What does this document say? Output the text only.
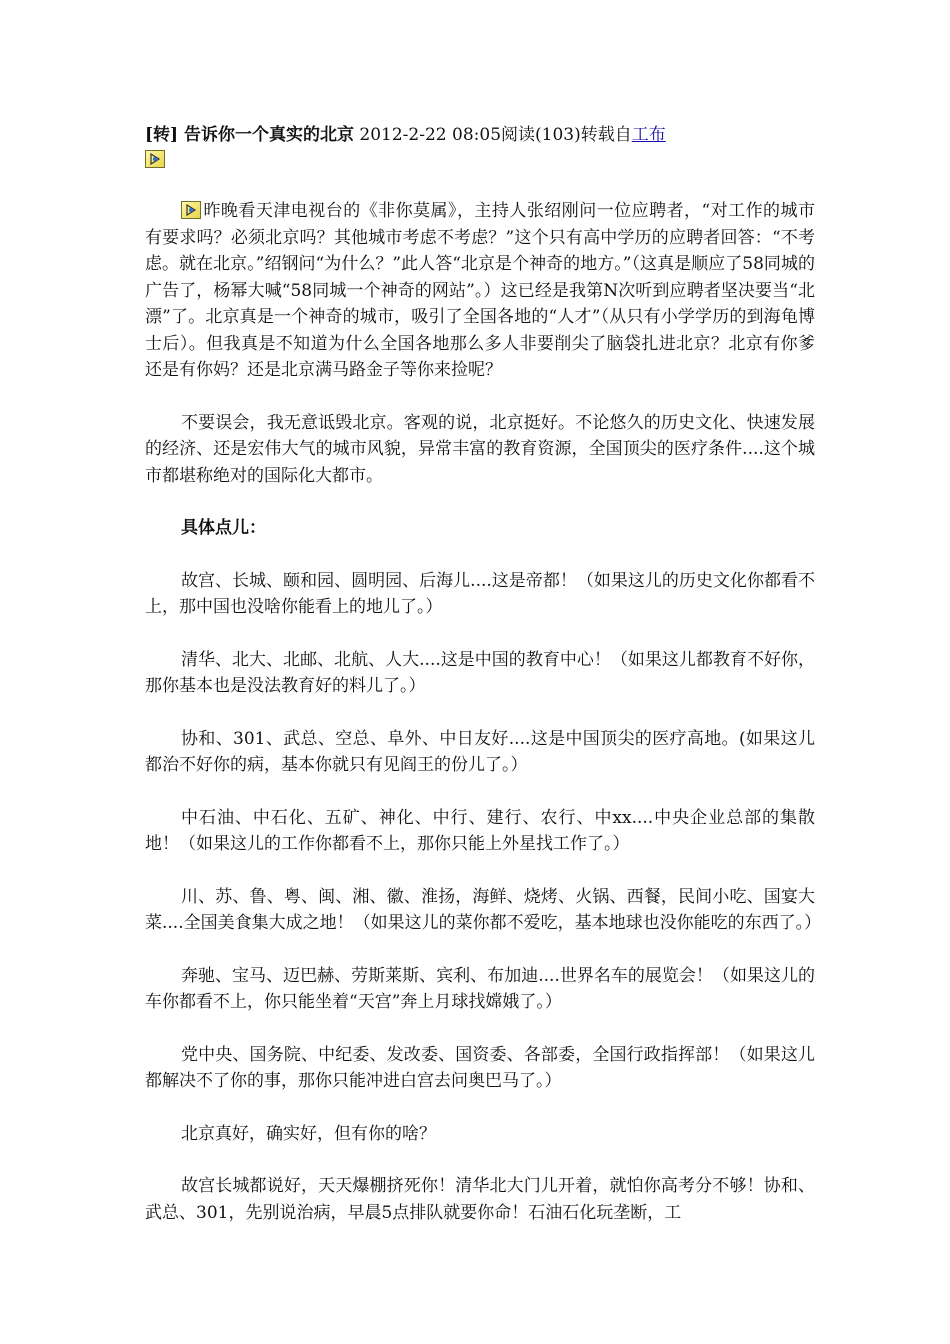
[转] 告诉你一个真实的北京 2012-2-22 08:05阅读(103)转载自工布

昨晚看天津电视台的《非你莫属》，主持人张绍刚问一位应聘者，“对工作的城市有要求吗？必须北京吗？其他城市考虑不考虑？”这个只有高中学历的应聘者回答：“不考虑。就在北京。”绍钢问“为什么？”此人答“北京是个神奇的地方。”（这真是顺应了58同城的广告了，杨幂大喊“58同城一个神奇的网站”。）这已经是我第N次听到应聘者坚决要当“北漂”了。北京真是一个神奇的城市，吸引了全国各地的“人才”（从只有小学学历的到海龟博士后）。但我真是不知道为什么全国各地那么多人非要削尖了脑袋扎进北京？北京有你爹还是有你妈？还是北京满马路金子等你来捡呢？

不要误会，我无意诋毁北京。客观的说，北京挺好。不论悠久的历史文化、快速发展的经济、还是宏伟大气的城市风貌，异常丰富的教育资源，全国顶尖的医疗条件....这个城市都堪称绝对的国际化大都市。

具体点儿：

故宫、长城、颐和园、圆明园、后海儿....这是帝都！（如果这儿的历史文化你都看不上，那中国也没啥你能看上的地儿了。）

清华、北大、北邮、北航、人大....这是中国的教育中心！（如果这儿都教育不好你，那你基本也是没法教育好的料儿了。）

协和、301、武总、空总、阜外、中日友好....这是中国顶尖的医疗高地。(如果这儿都治不好你的病，基本你就只有见阎王的份儿了。）

中石油、中石化、五矿、神化、中行、建行、农行、中xx....中央企业总部的集散地！（如果这儿的工作你都看不上，那你只能上外星找工作了。）

川、苏、鲁、粤、闽、湘、徽、淮扬，海鲜、烧烤、火锅、西餐，民间小吃、国宴大菜....全国美食集大成之地！（如果这儿的菜你都不爱吃，基本地球也没你能吃的东西了。）

奔驰、宝马、迈巴赫、劳斯莱斯、宾利、布加迪....世界名车的展览会！（如果这儿的车你都看不上，你只能坐着“天宫”奔上月球找嫦娥了。）

党中央、国务院、中纪委、发改委、国资委、各部委，全国行政指挥部！（如果这儿都解决不了你的事，那你只能冲进白宫去问奥巴马了。）

北京真好，确实好，但有你的啥？

故宫长城都说好，天天爆棚挤死你！清华北大门儿开着，就怕你高考分不够！协和、武总、301，先别说治病，早晨5点排队就要你命！石油石化玩垄断，工
